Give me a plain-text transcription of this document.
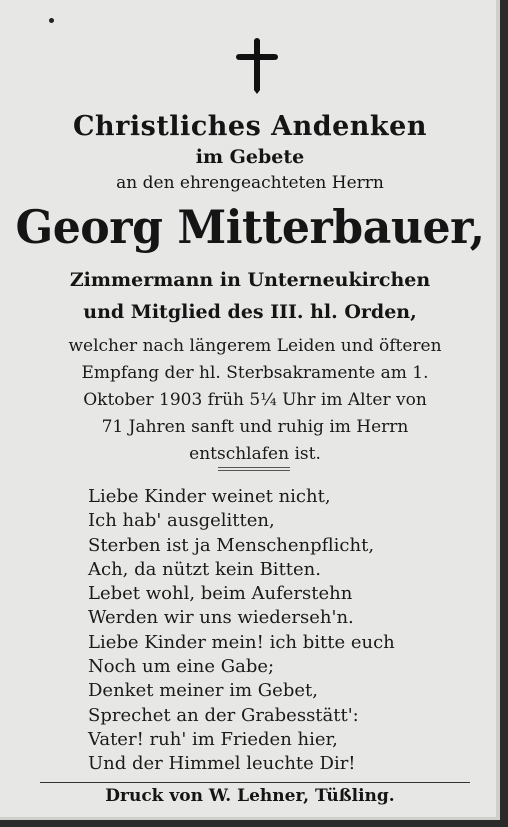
Christliches Andenken
im Gebete
an den ehrengeachteten Herrn
Georg Mitterbauer,
Zimmermann in Unterneukirchen
und Mitglied des III. hl. Orden,
welcher nach längerem Leiden und öfteren
Empfang der hl. Sterbsakramente am 1.
Oktober 1903 früh 5¼ Uhr im Alter von
71 Jahren sanft und ruhig im Herrn
entschlafen ist.
Liebe Kinder weinet nicht,
Ich hab' ausgelitten,
Sterben ist ja Menschenpflicht,
Ach, da nützt kein Bitten.
Lebet wohl, beim Auferstehn
Werden wir uns wiederseh'n.
Liebe Kinder mein! ich bitte euch
Noch um eine Gabe;
Denket meiner im Gebet,
Sprechet an der Grabesstätt':
Vater! ruh' im Frieden hier,
Und der Himmel leuchte Dir!
Druck von W. Lehner, Tüßling.
